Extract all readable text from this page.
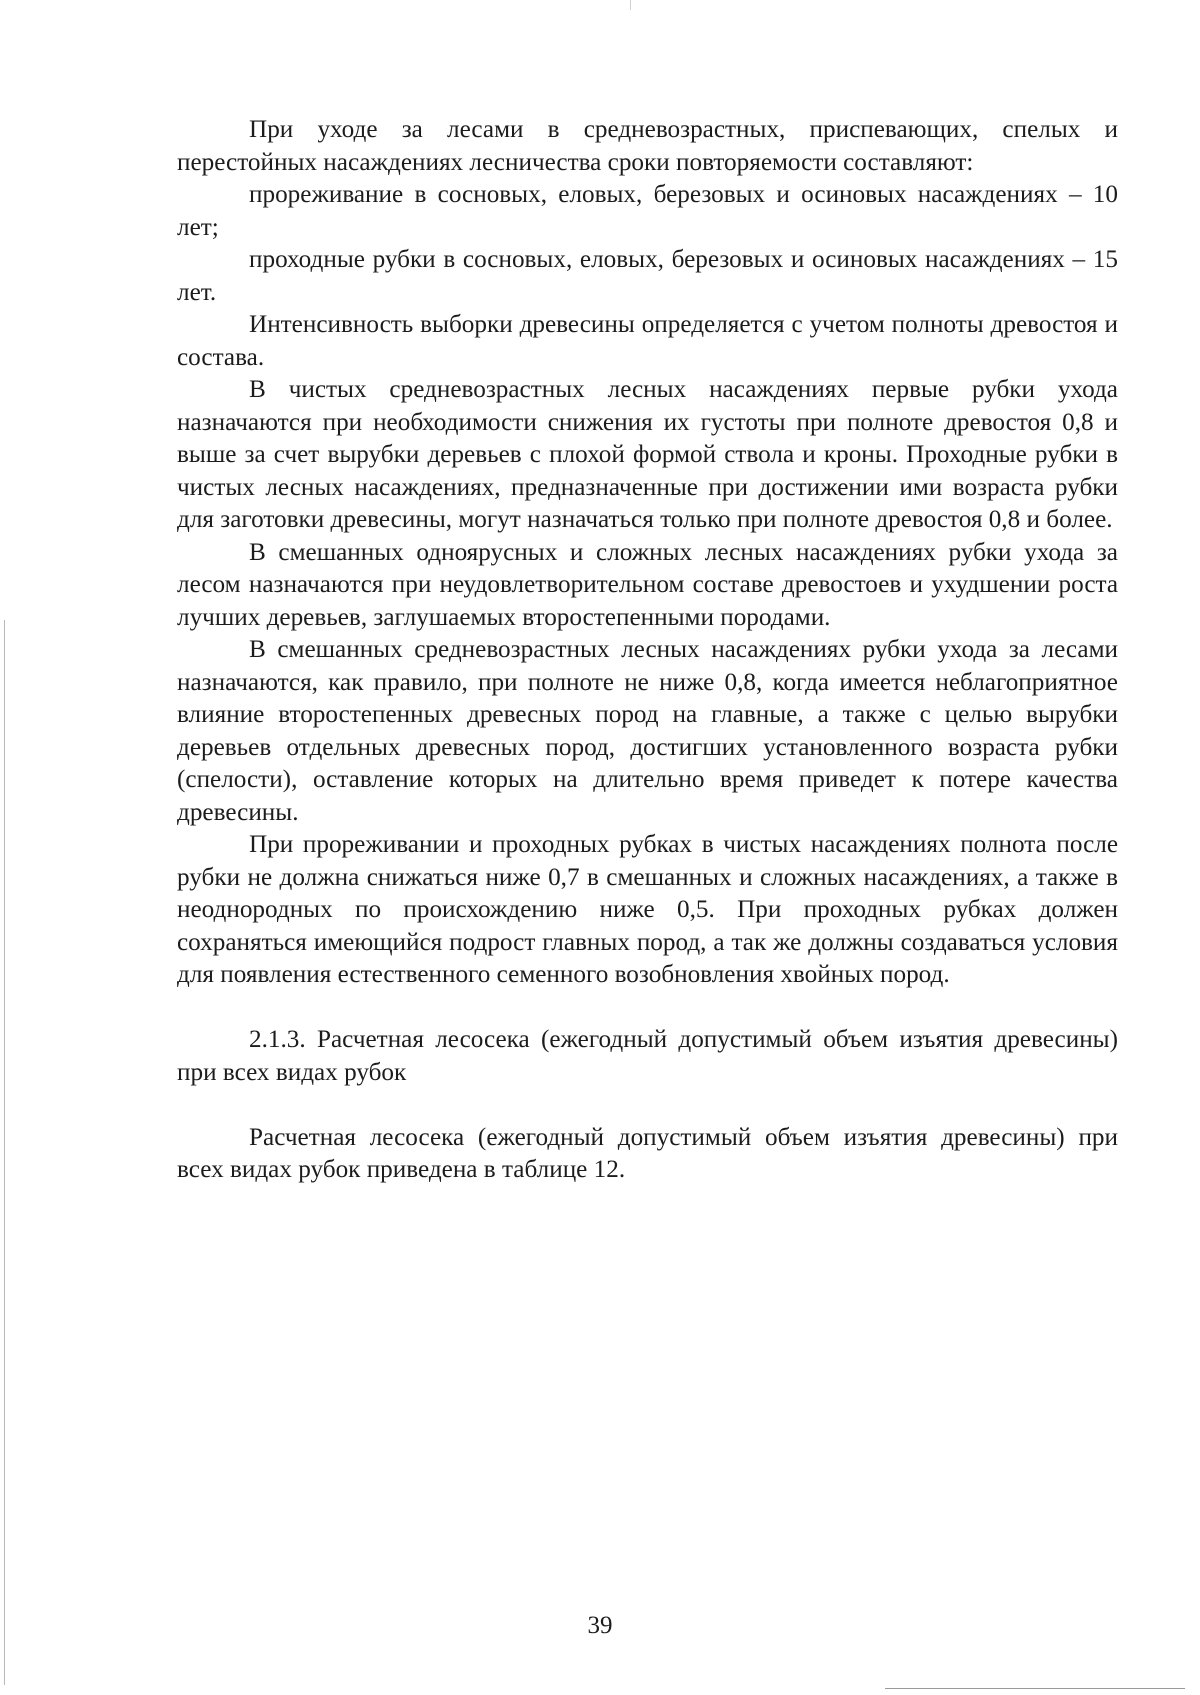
При уходе за лесами в средневозрастных, приспевающих, спелых и перестойных насаждениях лесничества сроки повторяемости составляют:

прореживание в сосновых, еловых, березовых и осиновых насаждениях – 10 лет;

проходные рубки в сосновых, еловых, березовых и осиновых насаждениях – 15 лет.

Интенсивность выборки древесины определяется с учетом полноты древостоя и состава.

В чистых средневозрастных лесных насаждениях первые рубки ухода назначаются при необходимости снижения их густоты при полноте древостоя 0,8 и выше за счет вырубки деревьев с плохой формой ствола и кроны. Проходные рубки в чистых лесных насаждениях, предназначенные при достижении ими возраста рубки для заготовки древесины, могут назначаться только при полноте древостоя 0,8 и более.

В смешанных одноярусных и сложных лесных насаждениях рубки ухода за лесом назначаются при неудовлетворительном составе древостоев и ухудшении роста лучших деревьев, заглушаемых второстепенными породами.

В смешанных средневозрастных лесных насаждениях рубки ухода за лесами назначаются, как правило, при полноте не ниже 0,8, когда имеется неблагоприятное влияние второстепенных древесных пород на главные, а также с целью вырубки деревьев отдельных древесных пород, достигших установленного возраста рубки (спелости), оставление которых на длительно время приведет к потере качества древесины.

При прореживании и проходных рубках в чистых насаждениях полнота после рубки не должна снижаться ниже 0,7 в смешанных и сложных насаждениях, а также в неоднородных по происхождению ниже 0,5. При проходных рубках должен сохраняться имеющийся подрост главных пород, а так же должны создаваться условия для появления естественного семенного возобновления хвойных пород.

2.1.3. Расчетная лесосека (ежегодный допустимый объем изъятия древесины) при всех видах рубок

Расчетная лесосека (ежегодный допустимый объем изъятия древесины) при всех видах рубок приведена в таблице 12.

39
